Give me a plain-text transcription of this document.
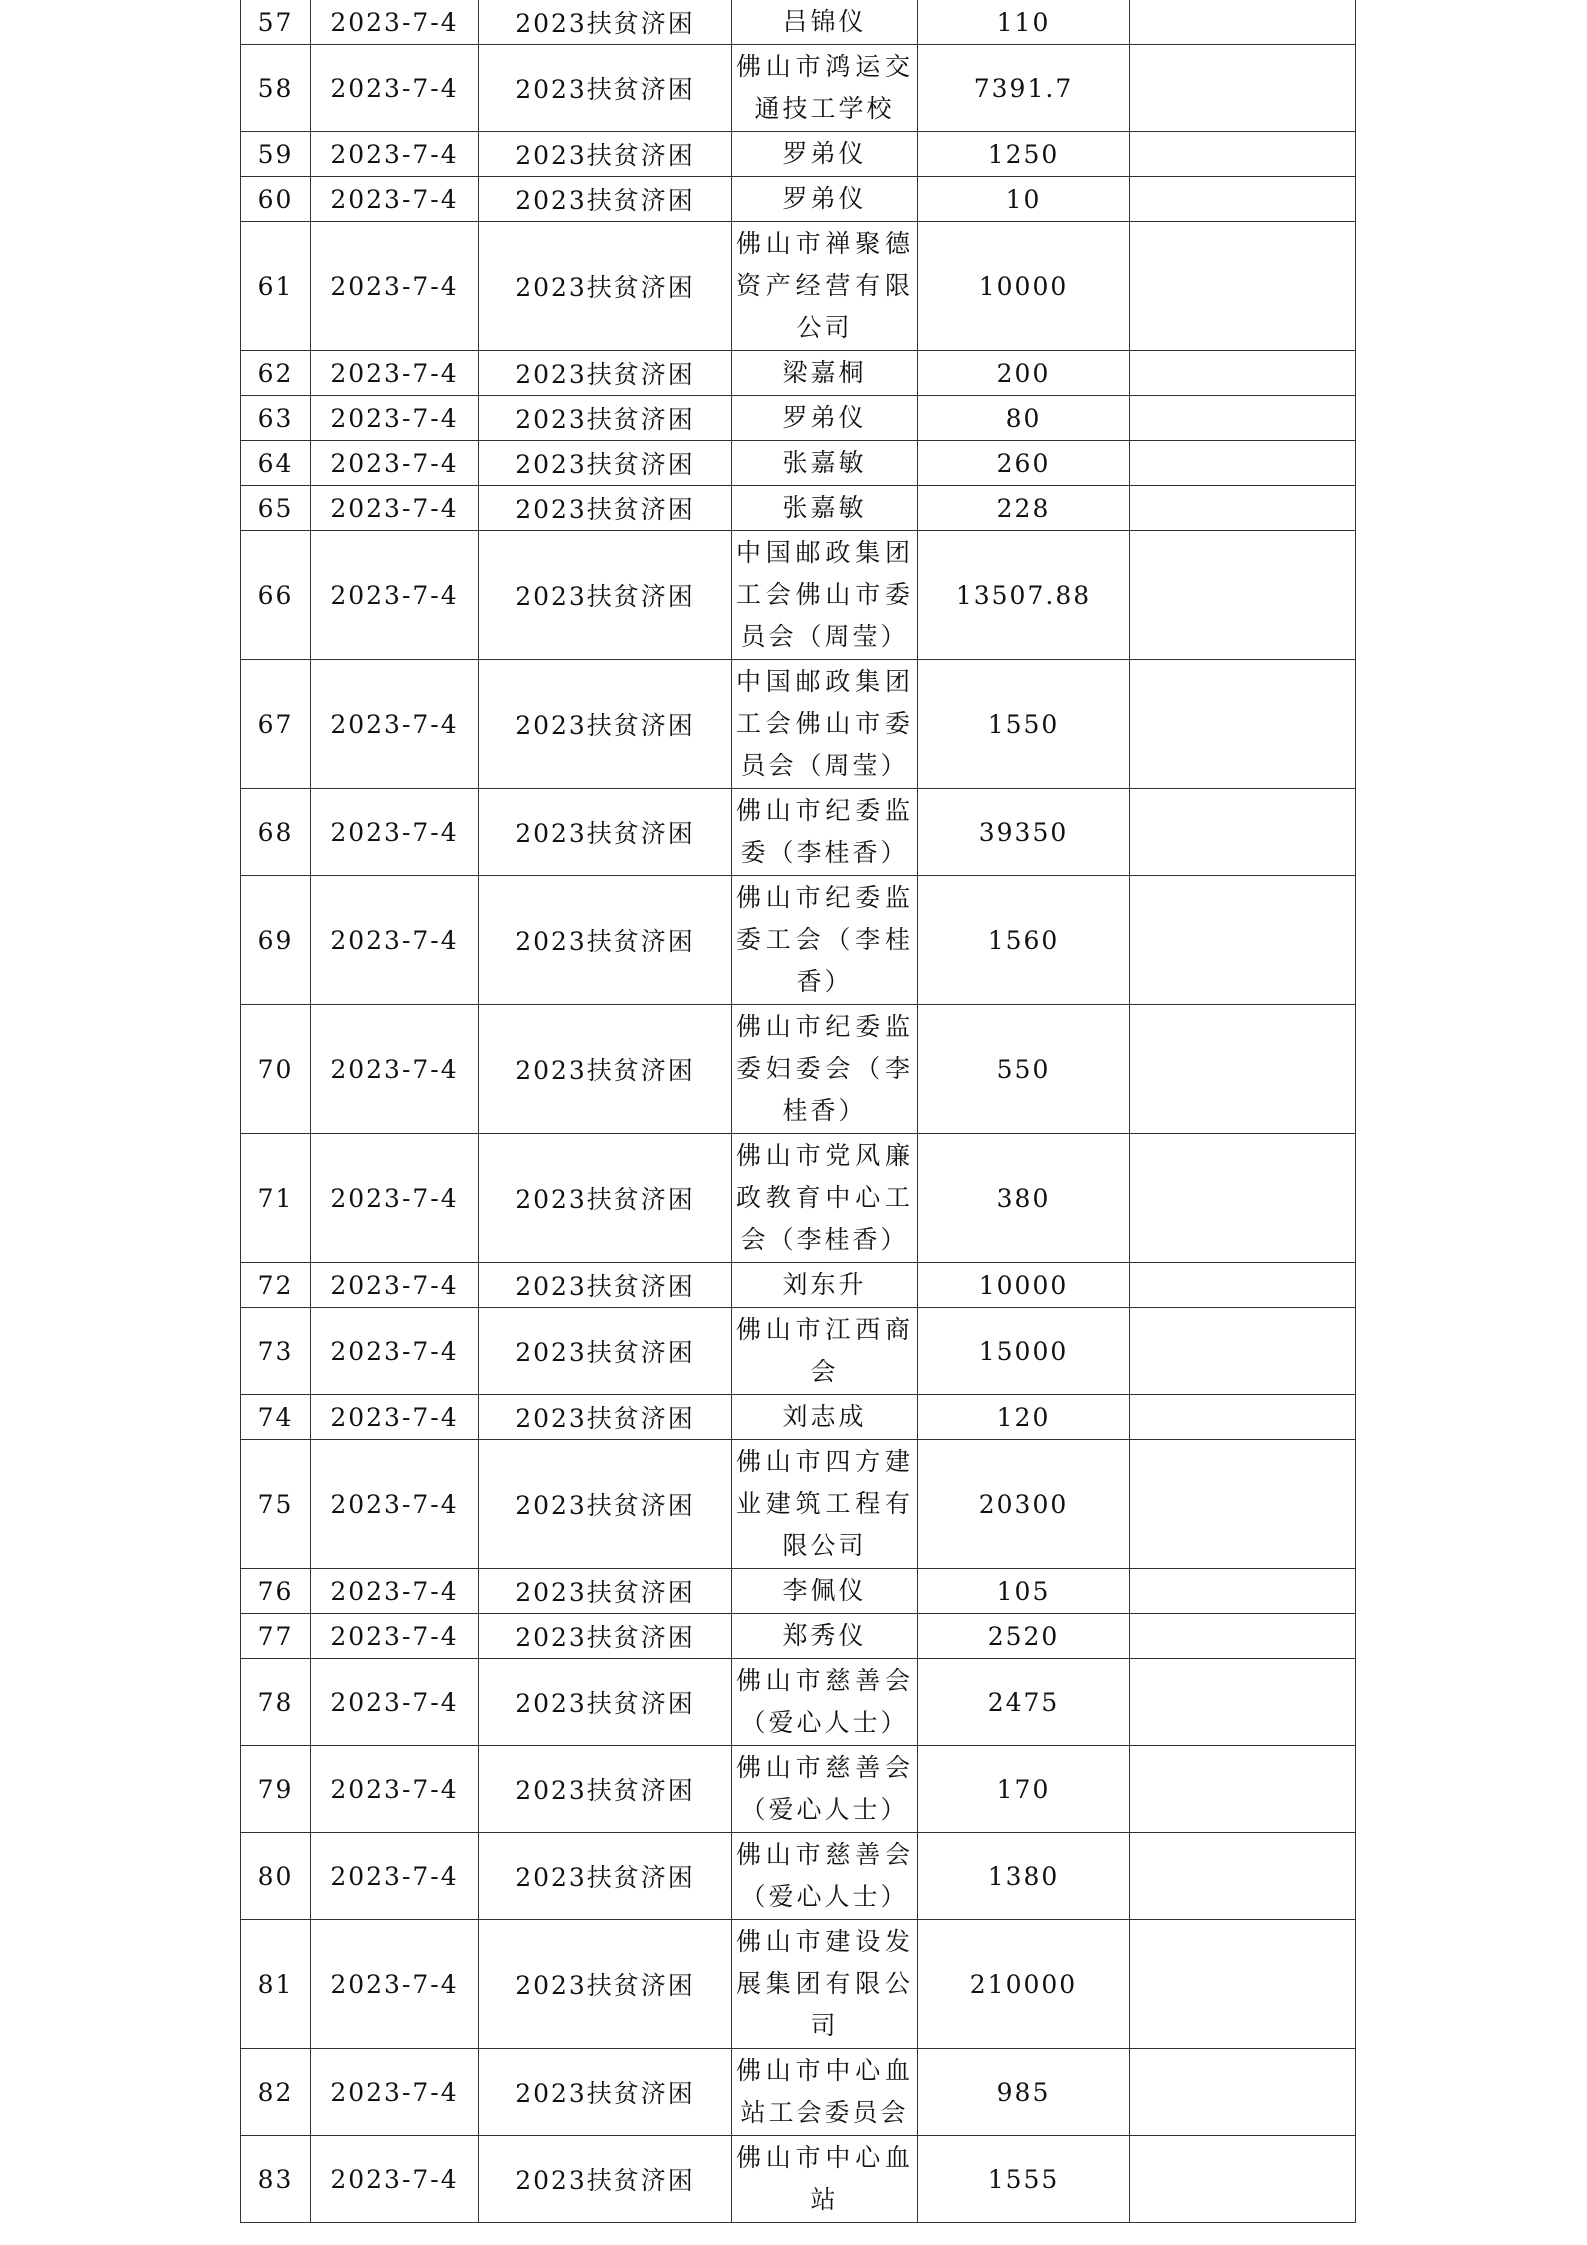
57	2023-7-4	2023扶贫济困	吕锦仪	110	
58	2023-7-4	2023扶贫济困	佛山市鸿运交通技工学校	7391.7	
59	2023-7-4	2023扶贫济困	罗弟仪	1250	
60	2023-7-4	2023扶贫济困	罗弟仪	10	
61	2023-7-4	2023扶贫济困	佛山市禅聚德资产经营有限公司	10000	
62	2023-7-4	2023扶贫济困	梁嘉桐	200	
63	2023-7-4	2023扶贫济困	罗弟仪	80	
64	2023-7-4	2023扶贫济困	张嘉敏	260	
65	2023-7-4	2023扶贫济困	张嘉敏	228	
66	2023-7-4	2023扶贫济困	中国邮政集团工会佛山市委员会（周莹）	13507.88	
67	2023-7-4	2023扶贫济困	中国邮政集团工会佛山市委员会（周莹）	1550	
68	2023-7-4	2023扶贫济困	佛山市纪委监委（李桂香）	39350	
69	2023-7-4	2023扶贫济困	佛山市纪委监委工会（李桂香）	1560	
70	2023-7-4	2023扶贫济困	佛山市纪委监委妇委会（李桂香）	550	
71	2023-7-4	2023扶贫济困	佛山市党风廉政教育中心工会（李桂香）	380	
72	2023-7-4	2023扶贫济困	刘东升	10000	
73	2023-7-4	2023扶贫济困	佛山市江西商会	15000	
74	2023-7-4	2023扶贫济困	刘志成	120	
75	2023-7-4	2023扶贫济困	佛山市四方建业建筑工程有限公司	20300	
76	2023-7-4	2023扶贫济困	李佩仪	105	
77	2023-7-4	2023扶贫济困	郑秀仪	2520	
78	2023-7-4	2023扶贫济困	佛山市慈善会（爱心人士）	2475	
79	2023-7-4	2023扶贫济困	佛山市慈善会（爱心人士）	170	
80	2023-7-4	2023扶贫济困	佛山市慈善会（爱心人士）	1380	
81	2023-7-4	2023扶贫济困	佛山市建设发展集团有限公司	210000	
82	2023-7-4	2023扶贫济困	佛山市中心血站工会委员会	985	
83	2023-7-4	2023扶贫济困	佛山市中心血站	1555	
